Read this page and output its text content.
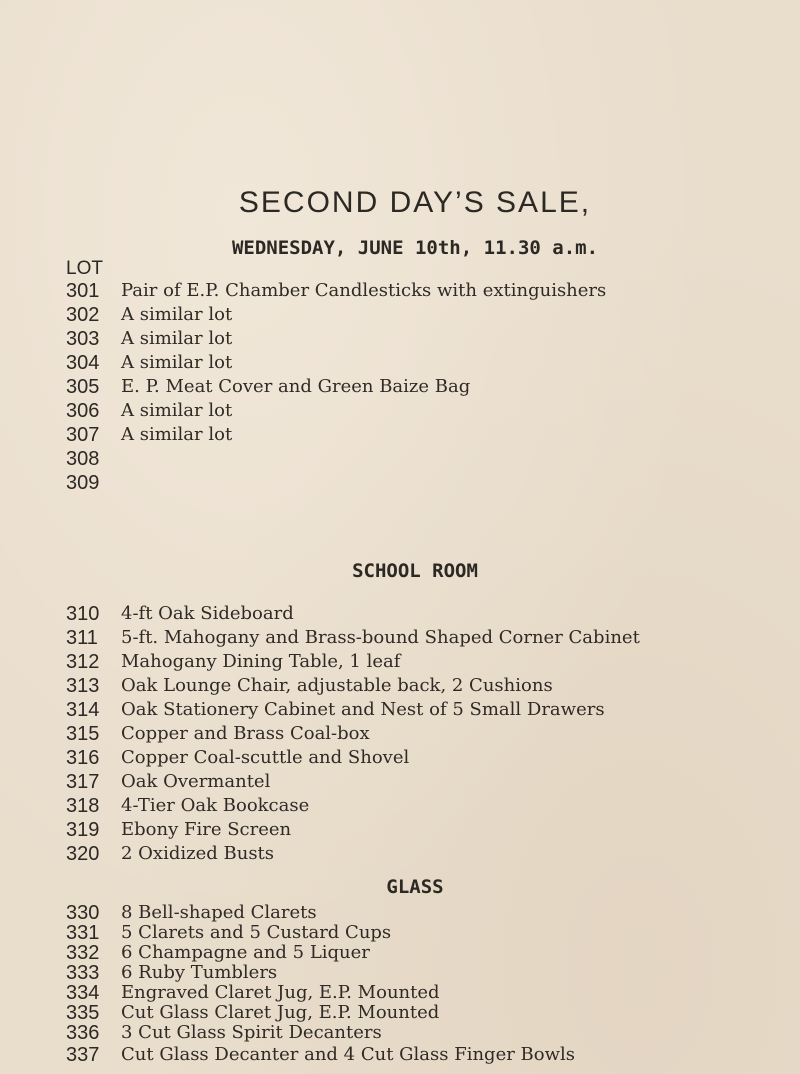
SECOND DAY’S SALE,
WEDNESDAY, JUNE 10th, 11.30 a.m.
LOT
301 Pair of E.P. Chamber Candlesticks with extinguishers
302 A similar lot
303 A similar lot
304 A similar lot
305 E. P. Meat Cover and Green Baize Bag
306 A similar lot
307 A similar lot
308
309
SCHOOL ROOM
310 4-ft Oak Sideboard
311 5-ft. Mahogany and Brass-bound Shaped Corner Cabinet
312 Mahogany Dining Table, 1 leaf
313 Oak Lounge Chair, adjustable back, 2 Cushions
314 Oak Stationery Cabinet and Nest of 5 Small Drawers
315 Copper and Brass Coal-box
316 Copper Coal-scuttle and Shovel
317 Oak Overmantel
318 4-Tier Oak Bookcase
319 Ebony Fire Screen
320 2 Oxidized Busts
GLASS
330 8 Bell-shaped Clarets
331 5 Clarets and 5 Custard Cups
332 6 Champagne and 5 Liquer
333 6 Ruby Tumblers
334 Engraved Claret Jug, E.P. Mounted
335 Cut Glass Claret Jug, E.P. Mounted
336 3 Cut Glass Spirit Decanters
337 Cut Glass Decanter and 4 Cut Glass Finger Bowls
